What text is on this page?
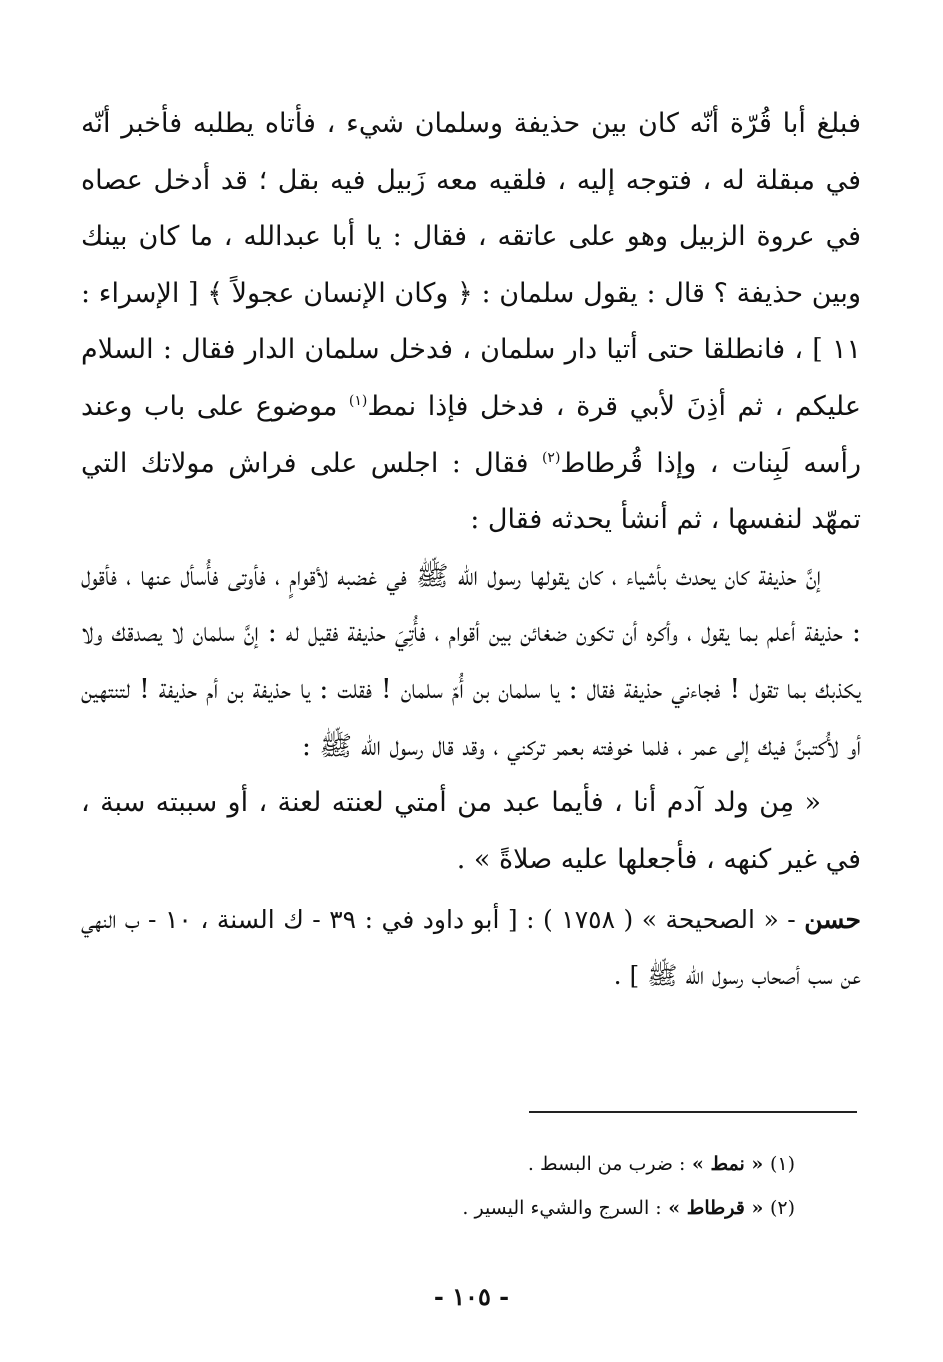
فبلغ أبا قُرّة أنّه كان بين حذيفة وسلمان شيء ، فأتاه يطلبه فأخبر أنّه في مبقلة له ، فتوجه إليه ، فلقيه معه زَبيل فيه بقل ؛ قد أدخل عصاه في عروة الزبيل وهو على عاتقه ، فقال : يا أبا عبدالله ، ما كان بينك وبين حذيفة ؟ قال : يقول سلمان : ﴿ وكان الإنسان عجولاً ﴾ [ الإسراء : ١١ ] ، فانطلقا حتى أتيا دار سلمان ، فدخل سلمان الدار فقال : السلام عليكم ، ثم أذِنَ لأبي قرة ، فدخل فإذا نمط$^{(١)}$ موضوع على باب وعند رأسه لَبِنات ، وإذا قُرطاط$^{(٢)}$ فقال : اجلس على فراش مولاتك التي تمهّد لنفسها ، ثم أنشأ يحدثه فقال :

إنَّ حذيفة كان يحدث بأشياء ، كان يقولها رسول الله ﷺ في غضبه لأقوامٍ ، فأوتى فأُسأل عنها ، فأقول : حذيفة أعلم بما يقول ، وأكره أن تكون ضغائن بين أقوام ، فأُتِيَ حذيفة فقيل له : إنَّ سلمان لا يصدقك ولا يكذبك بما تقول ! فجاءني حذيفة فقال : يا سلمان بن أُمّ سلمان ! فقلت : يا حذيفة بن أم حذيفة ! لتنتهين أو لأُكتبنَّ فيك إلى عمر ، فلما خوفته بعمر تركني ، وقد قال رسول الله ﷺ :

« مِن ولد آدم أنا ، فأيما عبد من أمتي لعنته لعنة ، أو سببته سبة ، في غير كنهه ، فأجعلها عليه صلاةً » .

حسن - « الصحيحة » ( ١٧٥٨ ) : [ أبو داود في : ٣٩ - ك السنة ، ١٠ - ب النهي عن سب أصحاب رسول الله ﷺ ] .

(١) « نمط » : ضرب من البسط .

(٢) « قرطاط » : السرج والشيء اليسير .

- ١٠٥ -
